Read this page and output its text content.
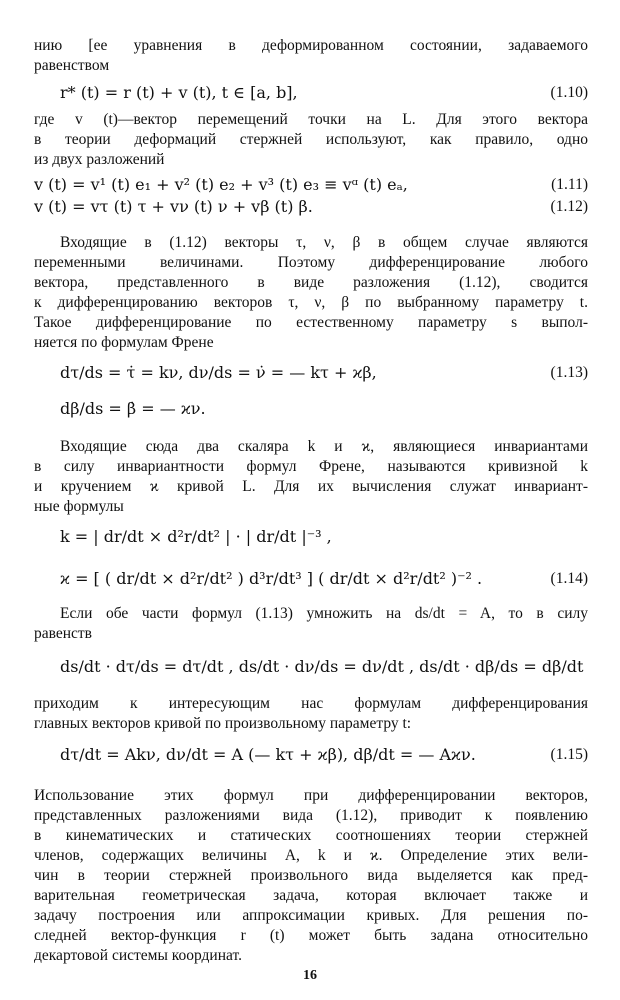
нию [ее уравнения в деформированном состоянии, задаваемого
равенством
r* (t) = r (t) + v (t), t ∈ [a, b],	(1.10)
где v (t)—вектор перемещений точки на L. Для этого вектора
в теории деформаций стержней используют, как правило, одно
из двух разложений
v (t) = v¹ (t) e₁ + v² (t) e₂ + v³ (t) e₃ ≡ vᵅ (t) eₐ,	(1.11)
v (t) = vτ (t) τ + vν (t) ν + vβ (t) β.	(1.12)
Входящие в (1.12) векторы τ, ν, β в общем случае являются
переменными величинами. Поэтому дифференцирование любого
вектора, представленного в виде разложения (1.12), сводится
к дифференцированию векторов τ, ν, β по выбранному параметру t.
Такое дифференцирование по естественному параметру s выпол-
няется по формулам Френе
dτ/ds = τ̇ = kν, dν/ds = ν̇ = — kτ + ϰβ,	(1.13)
dβ/ds = β̇ = — ϰν.
Входящие сюда два скаляра k и ϰ, являющиеся инвариантами
в силу инвариантности формул Френе, называются кривизной k
и кручением ϰ кривой L. Для их вычисления служат инвариант-
ные формулы
k = | dr/dt × d²r/dt² | · | dr/dt |⁻³ ,
ϰ = [ ( dr/dt × d²r/dt² ) d³r/dt³ ] ( dr/dt × d²r/dt² )⁻² .	(1.14)
Если обе части формул (1.13) умножить на ds/dt = A, то в силу
равенств
ds/dt · dτ/ds = dτ/dt , ds/dt · dν/ds = dν/dt , ds/dt · dβ/ds = dβ/dt
приходим к интересующим нас формулам дифференцирования
главных векторов кривой по произвольному параметру t:
dτ/dt = Akν, dν/dt = A (— kτ + ϰβ), dβ/dt = — Aϰν.	(1.15)
Использование этих формул при дифференцировании векторов,
представленных разложениями вида (1.12), приводит к появлению
в кинематических и статических соотношениях теории стержней
членов, содержащих величины A, k и ϰ. Определение этих вели-
чин в теории стержней произвольного вида выделяется как пред-
варительная геометрическая задача, которая включает также и
задачу построения или аппроксимации кривых. Для решения по-
следней вектор-функция r (t) может быть задана относительно
декартовой системы координат.
16
